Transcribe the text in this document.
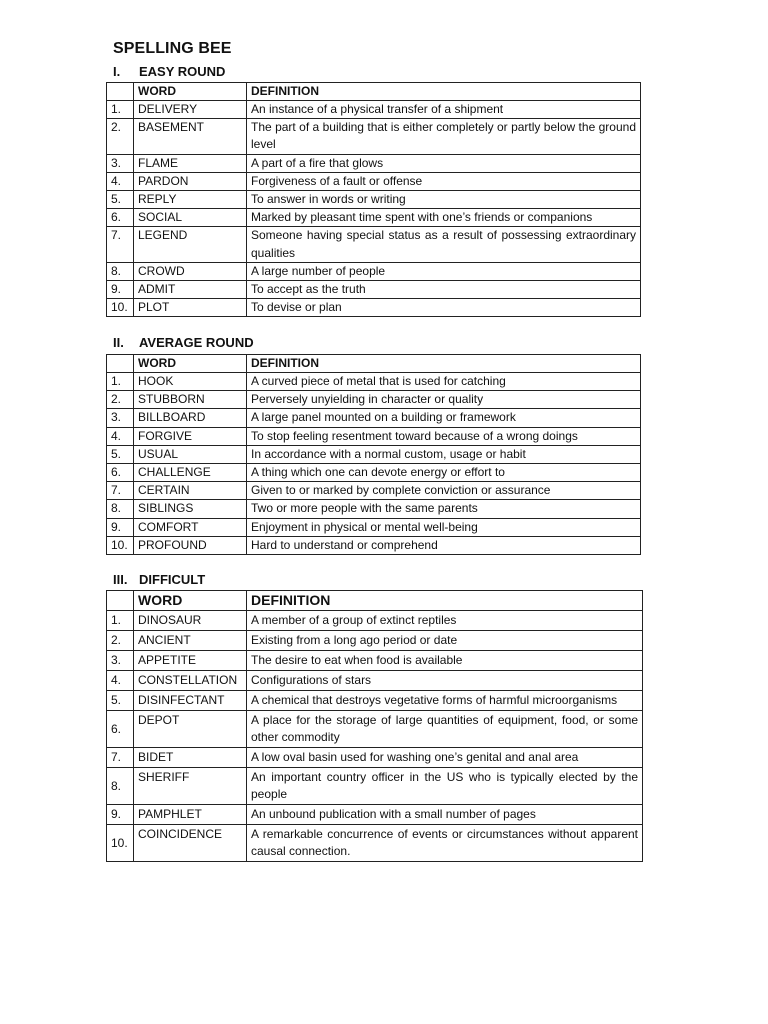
SPELLING BEE
I. EASY ROUND
	WORD	DEFINITION
1.	DELIVERY	An instance of a physical transfer of a shipment
2.	BASEMENT	The part of a building that is either completely or partly below the ground level
3.	FLAME	A part of a fire that glows
4.	PARDON	Forgiveness of a fault or offense
5.	REPLY	To answer in words or writing
6.	SOCIAL	Marked by pleasant time spent with one’s friends or companions
7.	LEGEND	Someone having special status as a result of possessing extraordinary qualities
8.	CROWD	A large number of people
9.	ADMIT	To accept as the truth
10.	PLOT	To devise or plan
II. AVERAGE ROUND
	WORD	DEFINITION
1.	HOOK	A curved piece of metal that is used for catching
2.	STUBBORN	Perversely unyielding in character or quality
3.	BILLBOARD	A large panel mounted on a building or framework
4.	FORGIVE	To stop feeling resentment toward because of a wrong doings
5.	USUAL	In accordance with a normal custom, usage or habit
6.	CHALLENGE	A thing which one can devote energy or effort to
7.	CERTAIN	Given to or marked by complete conviction or assurance
8.	SIBLINGS	Two or more people with the same parents
9.	COMFORT	Enjoyment in physical or mental well-being
10.	PROFOUND	Hard to understand or comprehend
III. DIFFICULT
	WORD	DEFINITION
1.	DINOSAUR	A member of a group of extinct reptiles
2.	ANCIENT	Existing from a long ago period or date
3.	APPETITE	The desire to eat when food is available
4.	CONSTELLATION	Configurations of stars
5.	DISINFECTANT	A chemical that destroys vegetative forms of harmful microorganisms
6.	DEPOT	A place for the storage of large quantities of equipment, food, or some other commodity
7.	BIDET	A low oval basin used for washing one’s genital and anal area
8.	SHERIFF	An important country officer in the US who is typically elected by the people
9.	PAMPHLET	An unbound publication with a small number of pages
10.	COINCIDENCE	A remarkable concurrence of events or circumstances without apparent causal connection.
